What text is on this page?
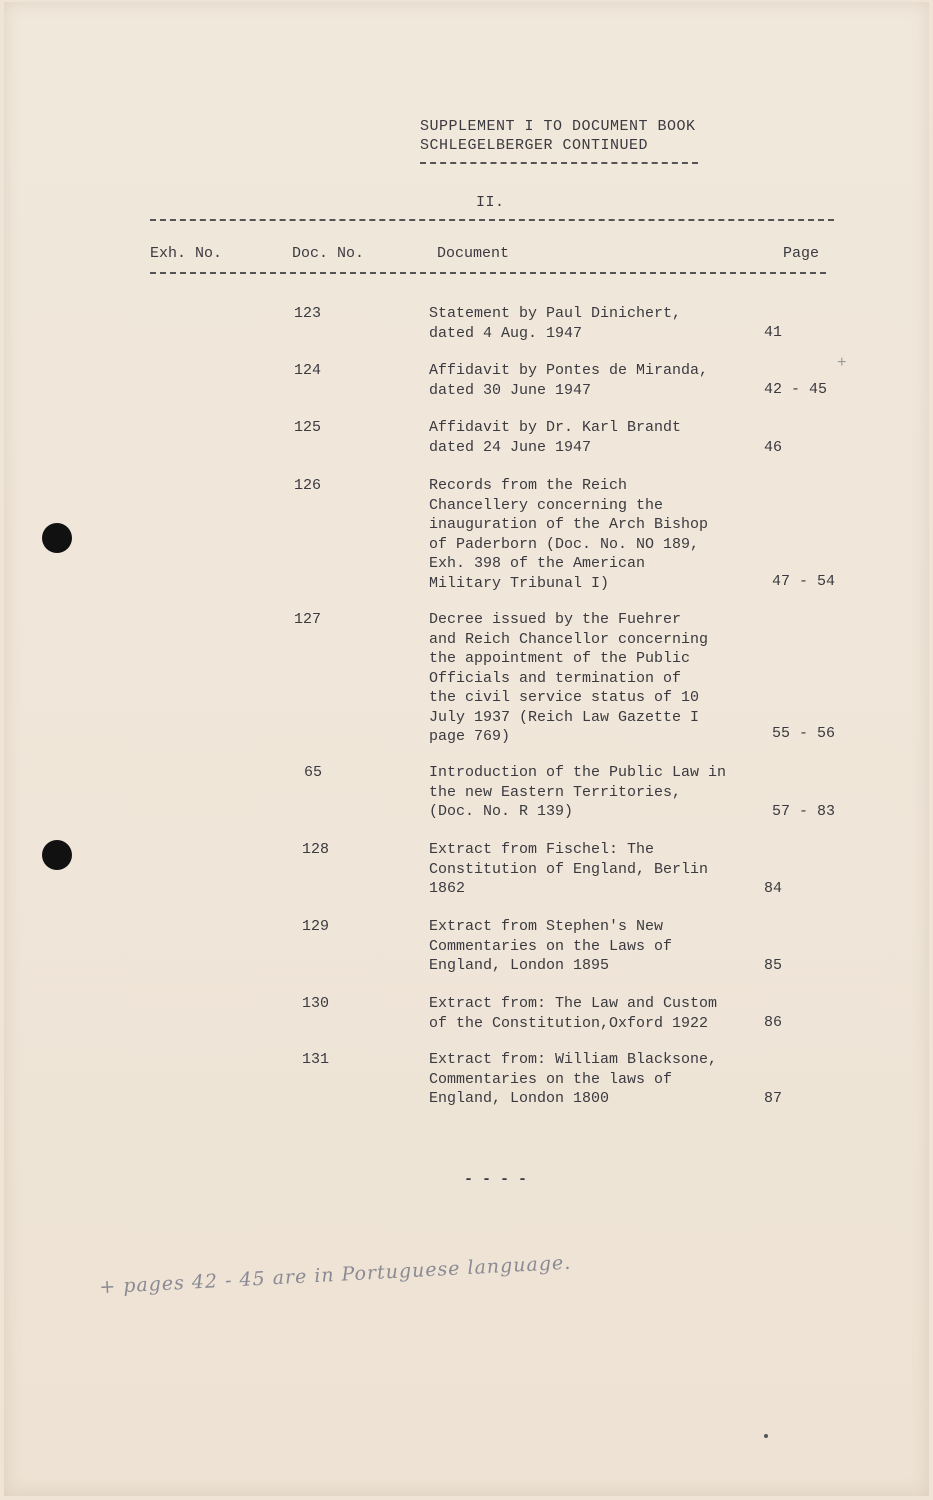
SUPPLEMENT I TO DOCUMENT BOOK
SCHLEGELBERGER CONTINUED
II.
Exh. No.	Doc. No.	Document	Page
123	Statement by Paul Dinichert,
dated 4 Aug. 1947	41
124	Affidavit by Pontes de Miranda,
dated 30 June 1947	42 - 45
125	Affidavit by Dr. Karl Brandt
dated 24 June 1947	46
126	Records from the Reich
Chancellery concerning the
inauguration of the Arch Bishop
of Paderborn (Doc. No. NO 189,
Exh. 398 of the American
Military Tribunal I)	47 - 54
127	Decree issued by the Fuehrer
and Reich Chancellor concerning
the appointment of the Public
Officials and termination of
the civil service status of 10
July 1937 (Reich Law Gazette I
page 769)	55 - 56
65	Introduction of the Public Law in
the new Eastern Territories,
(Doc. No. R 139)	57 - 83
128	Extract from Fischel: The
Constitution of England, Berlin
1862	84
129	Extract from Stephen's New
Commentaries on the Laws of
England, London 1895	85
130	Extract from: The Law and Custom
of the Constitution,Oxford 1922	86
131	Extract from: William Blacksone,
Commentaries on the laws of
England, London 1800	87
- - - -
+
+ pages 42 - 45 are in Portuguese language.
